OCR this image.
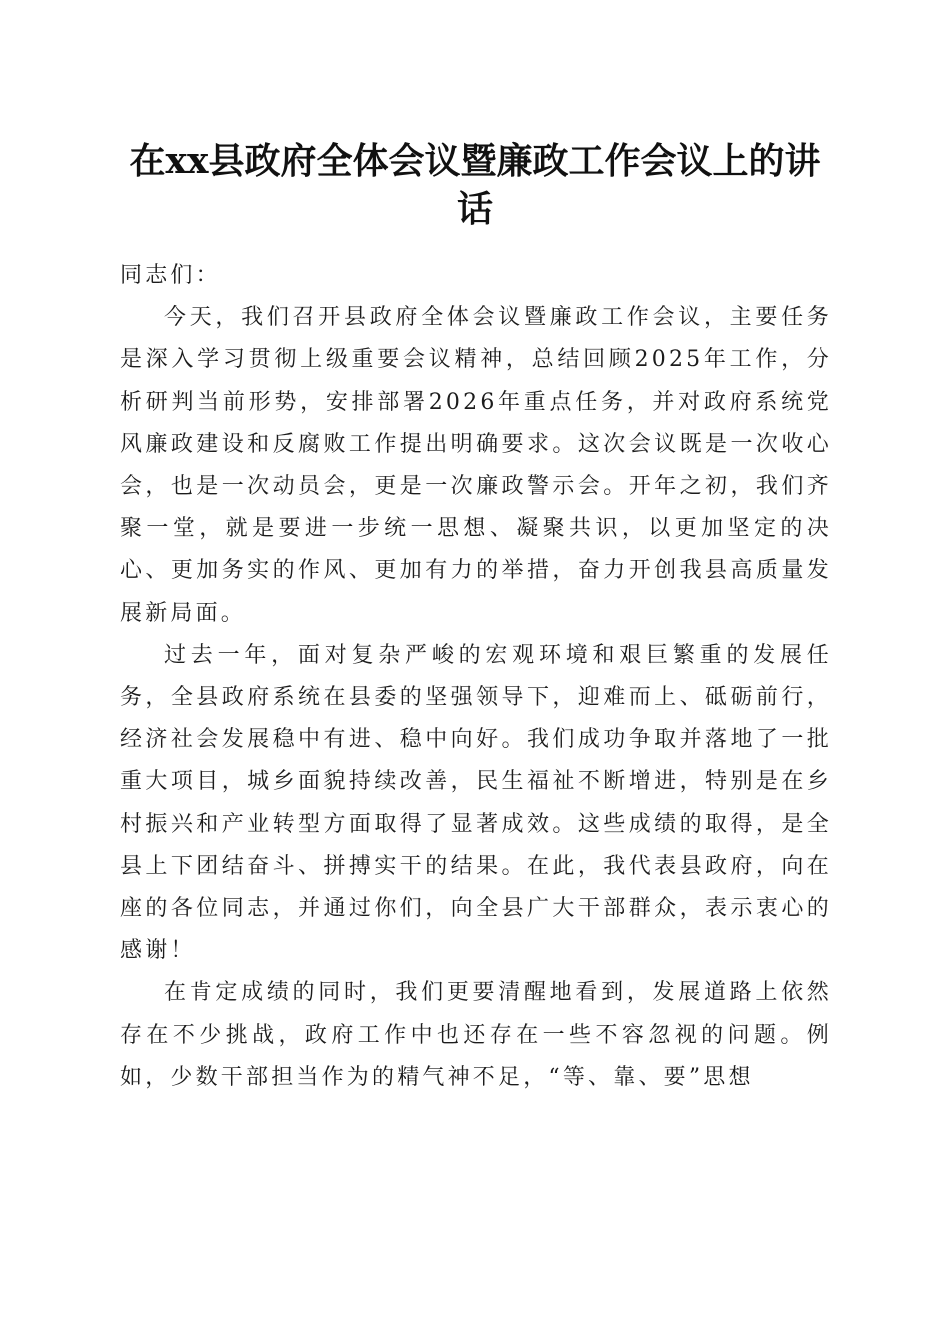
在xx县政府全体会议暨廉政工作会议上的讲话

同志们：

今天，我们召开县政府全体会议暨廉政工作会议，主要任务是深入学习贯彻上级重要会议精神，总结回顾2025年工作，分析研判当前形势，安排部署2026年重点任务，并对政府系统党风廉政建设和反腐败工作提出明确要求。这次会议既是一次收心会，也是一次动员会，更是一次廉政警示会。开年之初，我们齐聚一堂，就是要进一步统一思想、凝聚共识，以更加坚定的决心、更加务实的作风、更加有力的举措，奋力开创我县高质量发展新局面。

过去一年，面对复杂严峻的宏观环境和艰巨繁重的发展任务，全县政府系统在县委的坚强领导下，迎难而上、砥砺前行，经济社会发展稳中有进、稳中向好。我们成功争取并落地了一批重大项目，城乡面貌持续改善，民生福祉不断增进，特别是在乡村振兴和产业转型方面取得了显著成效。这些成绩的取得，是全县上下团结奋斗、拼搏实干的结果。在此，我代表县政府，向在座的各位同志，并通过你们，向全县广大干部群众，表示衷心的感谢！

在肯定成绩的同时，我们更要清醒地看到，发展道路上依然存在不少挑战，政府工作中也还存在一些不容忽视的问题。例如，少数干部担当作为的精气神不足，“等、靠、要”思想
